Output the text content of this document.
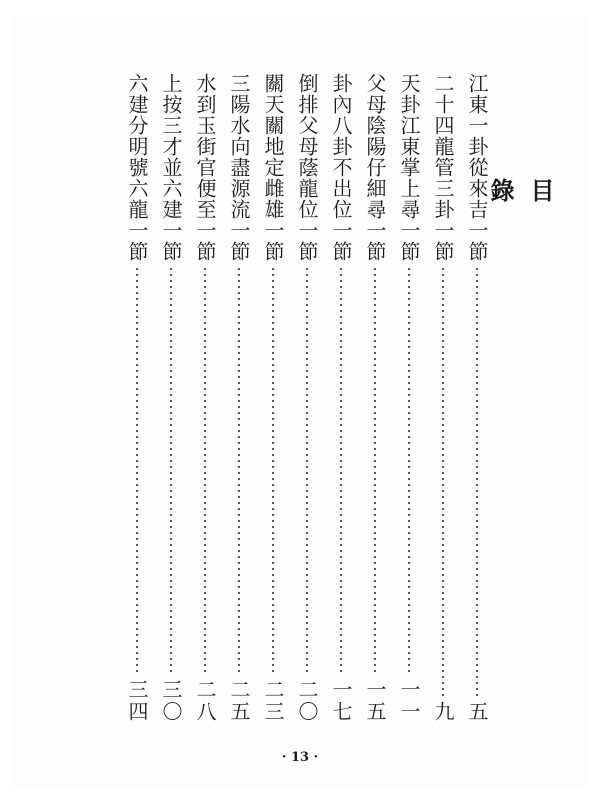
目錄
江東一卦從來吉一節
五
二十四龍管三卦一節
九
天卦江東掌上尋一節
一一
父母陰陽仔細尋一節
一五
卦內八卦不出位一節
一七
倒排父母蔭龍位一節
二〇
關天關地定雌雄一節
二三
三陽水向盡源流一節
二五
水到玉街官便至一節
二八
上按三才並六建一節
三〇
六建分明號六龍一節
三四
· 13 ·
